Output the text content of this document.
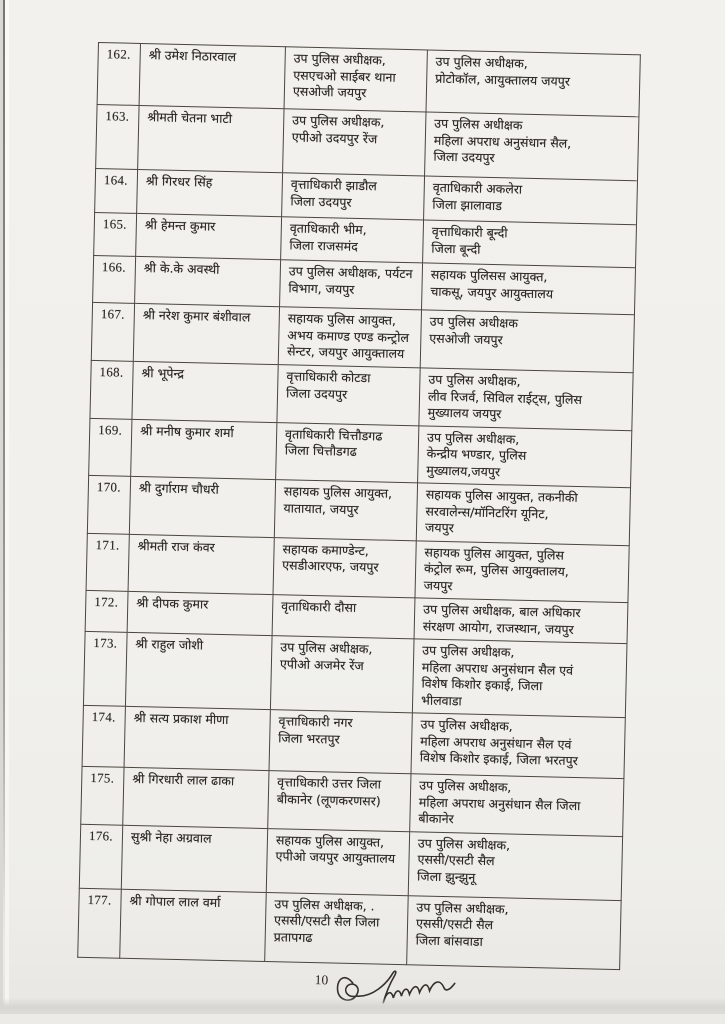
162.	श्री उमेश निठारवाल	उप पुलिस अधीक्षक,
एसएचओ साईबर थाना
एसओजी जयपुर	उप पुलिस अधीक्षक,
प्रोटोकॉल, आयुक्तालय जयपुर
163.	श्रीमती चेतना भाटी	उप पुलिस अधीक्षक,
एपीओ उदयपुर रेंज	उप पुलिस अधीक्षक
महिला अपराध अनुसंधान सैल,
जिला उदयपुर
164.	श्री गिरधर सिंह	वृत्ताधिकारी झाडौल
जिला उदयपुर	वृताधिकारी अकलेरा
जिला झालावाड
165.	श्री हेमन्त कुमार	वृताधिकारी भीम,
जिला राजसमंद	वृत्ताधिकारी बून्दी
जिला बून्दी
166.	श्री के.के अवस्थी	उप पुलिस अधीक्षक, पर्यटन
विभाग, जयपुर	सहायक पुलिसस आयुक्त,
चाकसू, जयपुर आयुक्तालय
167.	श्री नरेश कुमार बंशीवाल	सहायक पुलिस आयुक्त,
अभय कमाण्ड एण्ड कन्ट्रोल
सेन्टर, जयपुर आयुक्तालय	उप पुलिस अधीक्षक
एसओजी जयपुर
168.	श्री भूपेन्द्र	वृत्ताधिकारी कोटडा
जिला उदयपुर	उप पुलिस अधीक्षक,
लीव रिजर्व, सिविल राईट्स, पुलिस
मुख्यालय जयपुर
169.	श्री मनीष कुमार शर्मा	वृताधिकारी चित्तौडगढ
जिला चित्तौडगढ	उप पुलिस अधीक्षक,
केन्द्रीय भण्डार, पुलिस
मुख्यालय,जयपुर
170.	श्री दुर्गाराम चौधरी	सहायक पुलिस आयुक्त,
यातायात, जयपुर	सहायक पुलिस आयुक्त, तकनीकी
सरवालेन्स/मॉनिटरिंग यूनिट,
जयपुर
171.	श्रीमती राज कंवर	सहायक कमाण्डेन्ट,
एसडीआरएफ, जयपुर	सहायक पुलिस आयुक्त, पुलिस
कंट्रोल रूम, पुलिस आयुक्तालय,
जयपुर
172.	श्री दीपक कुमार	वृताधिकारी दौसा	उप पुलिस अधीक्षक, बाल अधिकार
संरक्षण आयोग, राजस्थान, जयपुर
173.	श्री राहुल जोशी	उप पुलिस अधीक्षक,
एपीओ अजमेर रेंज	उप पुलिस अधीक्षक,
महिला अपराध अनुसंधान सैल एवं
विशेष किशोर इकाई, जिला
भीलवाडा
174.	श्री सत्य प्रकाश मीणा	वृत्ताधिकारी नगर
जिला भरतपुर	उप पुलिस अधीक्षक,
महिला अपराध अनुसंधान सैल एवं
विशेष किशोर इकाई, जिला भरतपुर
175.	श्री गिरधारी लाल ढाका	वृत्ताधिकारी उत्तर जिला
बीकानेर (लूणकरणसर)	उप पुलिस अधीक्षक,
महिला अपराध अनुसंधान सैल जिला
बीकानेर
176.	सुश्री नेहा अग्रवाल	सहायक पुलिस आयुक्त,
एपीओ जयपुर आयुक्तालय	उप पुलिस अधीक्षक,
एससी/एसटी सैल
जिला झुन्झुनू
177.	श्री गोपाल लाल वर्मा	उप पुलिस अधीक्षक, .
एससी/एसटी सैल जिला
प्रतापगढ	उप पुलिस अधीक्षक,
एससी/एसटी सैल
जिला बांसवाडा
10
